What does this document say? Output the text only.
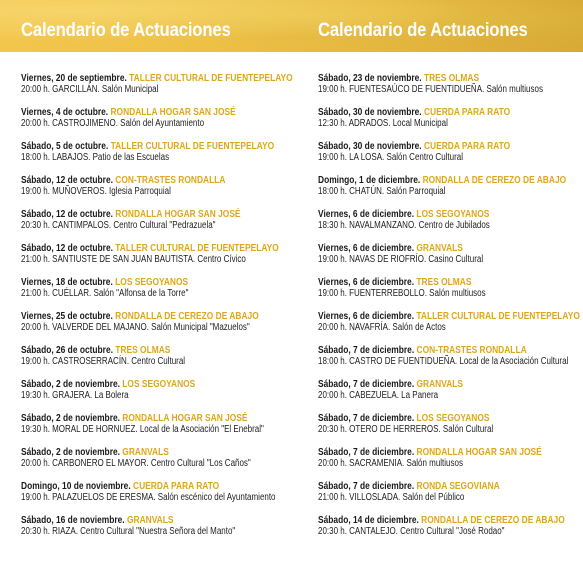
Calendario de Actuaciones	Calendario de Actuaciones
Viernes, 20 de septiembre. TALLER CULTURAL DE FUENTEPELAYO
20:00 h. GARCILLÁN. Salón Municipal
Viernes, 4 de octubre. RONDALLA HOGAR SAN JOSÉ
20:00 h. CASTROJIMENO. Salón del Ayuntamiento
Sábado, 5 de octubre. TALLER CULTURAL DE FUENTEPELAYO
18:00 h. LABAJOS. Patio de las Escuelas
Sábado, 12 de octubre. CON-TRASTES RONDALLA
19:00 h. MUÑOVEROS. Iglesia Parroquial
Sábado, 12 de octubre. RONDALLA HOGAR SAN JOSÉ
20:30 h. CANTIMPALOS. Centro Cultural "Pedrazuela"
Sábado, 12 de octubre. TALLER CULTURAL DE FUENTEPELAYO
21:00 h. SANTIUSTE DE SAN JUAN BAUTISTA. Centro Cívico
Viernes, 18 de octubre. LOS SEGOYANOS
21:00 h. CUÉLLAR. Salón "Alfonsa de la Torre"
Viernes, 25 de octubre. RONDALLA DE CEREZO DE ABAJO
20:00 h. VALVERDE DEL MAJANO. Salón Municipal "Mazuelos"
Sábado, 26 de octubre. TRES OLMAS
19:00 h. CASTROSERRACÍN. Centro Cultural
Sábado, 2 de noviembre. LOS SEGOYANOS
19:30 h. GRAJERA. La Bolera
Sábado, 2 de noviembre. RONDALLA HOGAR SAN JOSÉ
19:30 h. MORAL DE HORNUEZ. Local de la Asociación "El Enebral"
Sábado, 2 de noviembre. GRANVALS
20:00 h. CARBONERO EL MAYOR. Centro Cultural "Los Caños"
Domingo, 10 de noviembre. CUERDA PARA RATO
19:00 h. PALAZUELOS DE ERESMA. Salón escénico del Ayuntamiento
Sábado, 16 de noviembre. GRANVALS
20:30 h. RIAZA. Centro Cultural "Nuestra Señora del Manto"
Sábado, 23 de noviembre. TRES OLMAS
19:00 h. FUENTESAÚCO DE FUENTIDUEÑA. Salón multiusos
Sábado, 30 de noviembre. CUERDA PARA RATO
12:30 h. ADRADOS. Local Municipal
Sábado, 30 de noviembre. CUERDA PARA RATO
19:00 h. LA LOSA. Salón Centro Cultural
Domingo, 1 de diciembre. RONDALLA DE CEREZO DE ABAJO
18:00 h. CHATÚN. Salón Parroquial
Viernes, 6 de diciembre. LOS SEGOYANOS
18:30 h. NAVALMANZANO. Centro de Jubilados
Viernes, 6 de diciembre. GRANVALS
19:00 h. NAVAS DE RIOFRÍO. Casino Cultural
Viernes, 6 de diciembre. TRES OLMAS
19:00 h. FUENTERREBOLLO. Salón multiusos
Viernes, 6 de diciembre. TALLER CULTURAL DE FUENTEPELAYO
20:00 h. NAVAFRÍA. Salón de Actos
Sábado, 7 de diciembre. CON-TRASTES RONDALLA
18:00 h. CASTRO DE FUENTIDUEÑA. Local de la Asociación Cultural
Sábado, 7 de diciembre. GRANVALS
20:00 h. CABEZUELA. La Panera
Sábado, 7 de diciembre. LOS SEGOYANOS
20:30 h. OTERO DE HERREROS. Salón Cultural
Sábado, 7 de diciembre. RONDALLA HOGAR SAN JOSÉ
20:00 h. SACRAMENIA. Salón multiusos
Sábado, 7 de diciembre. RONDA SEGOVIANA
21:00 h. VILLOSLADA. Salón del Público
Sábado, 14 de diciembre. RONDALLA DE CEREZO DE ABAJO
20:30 h. CANTALEJO. Centro Cultural "José Rodao"
